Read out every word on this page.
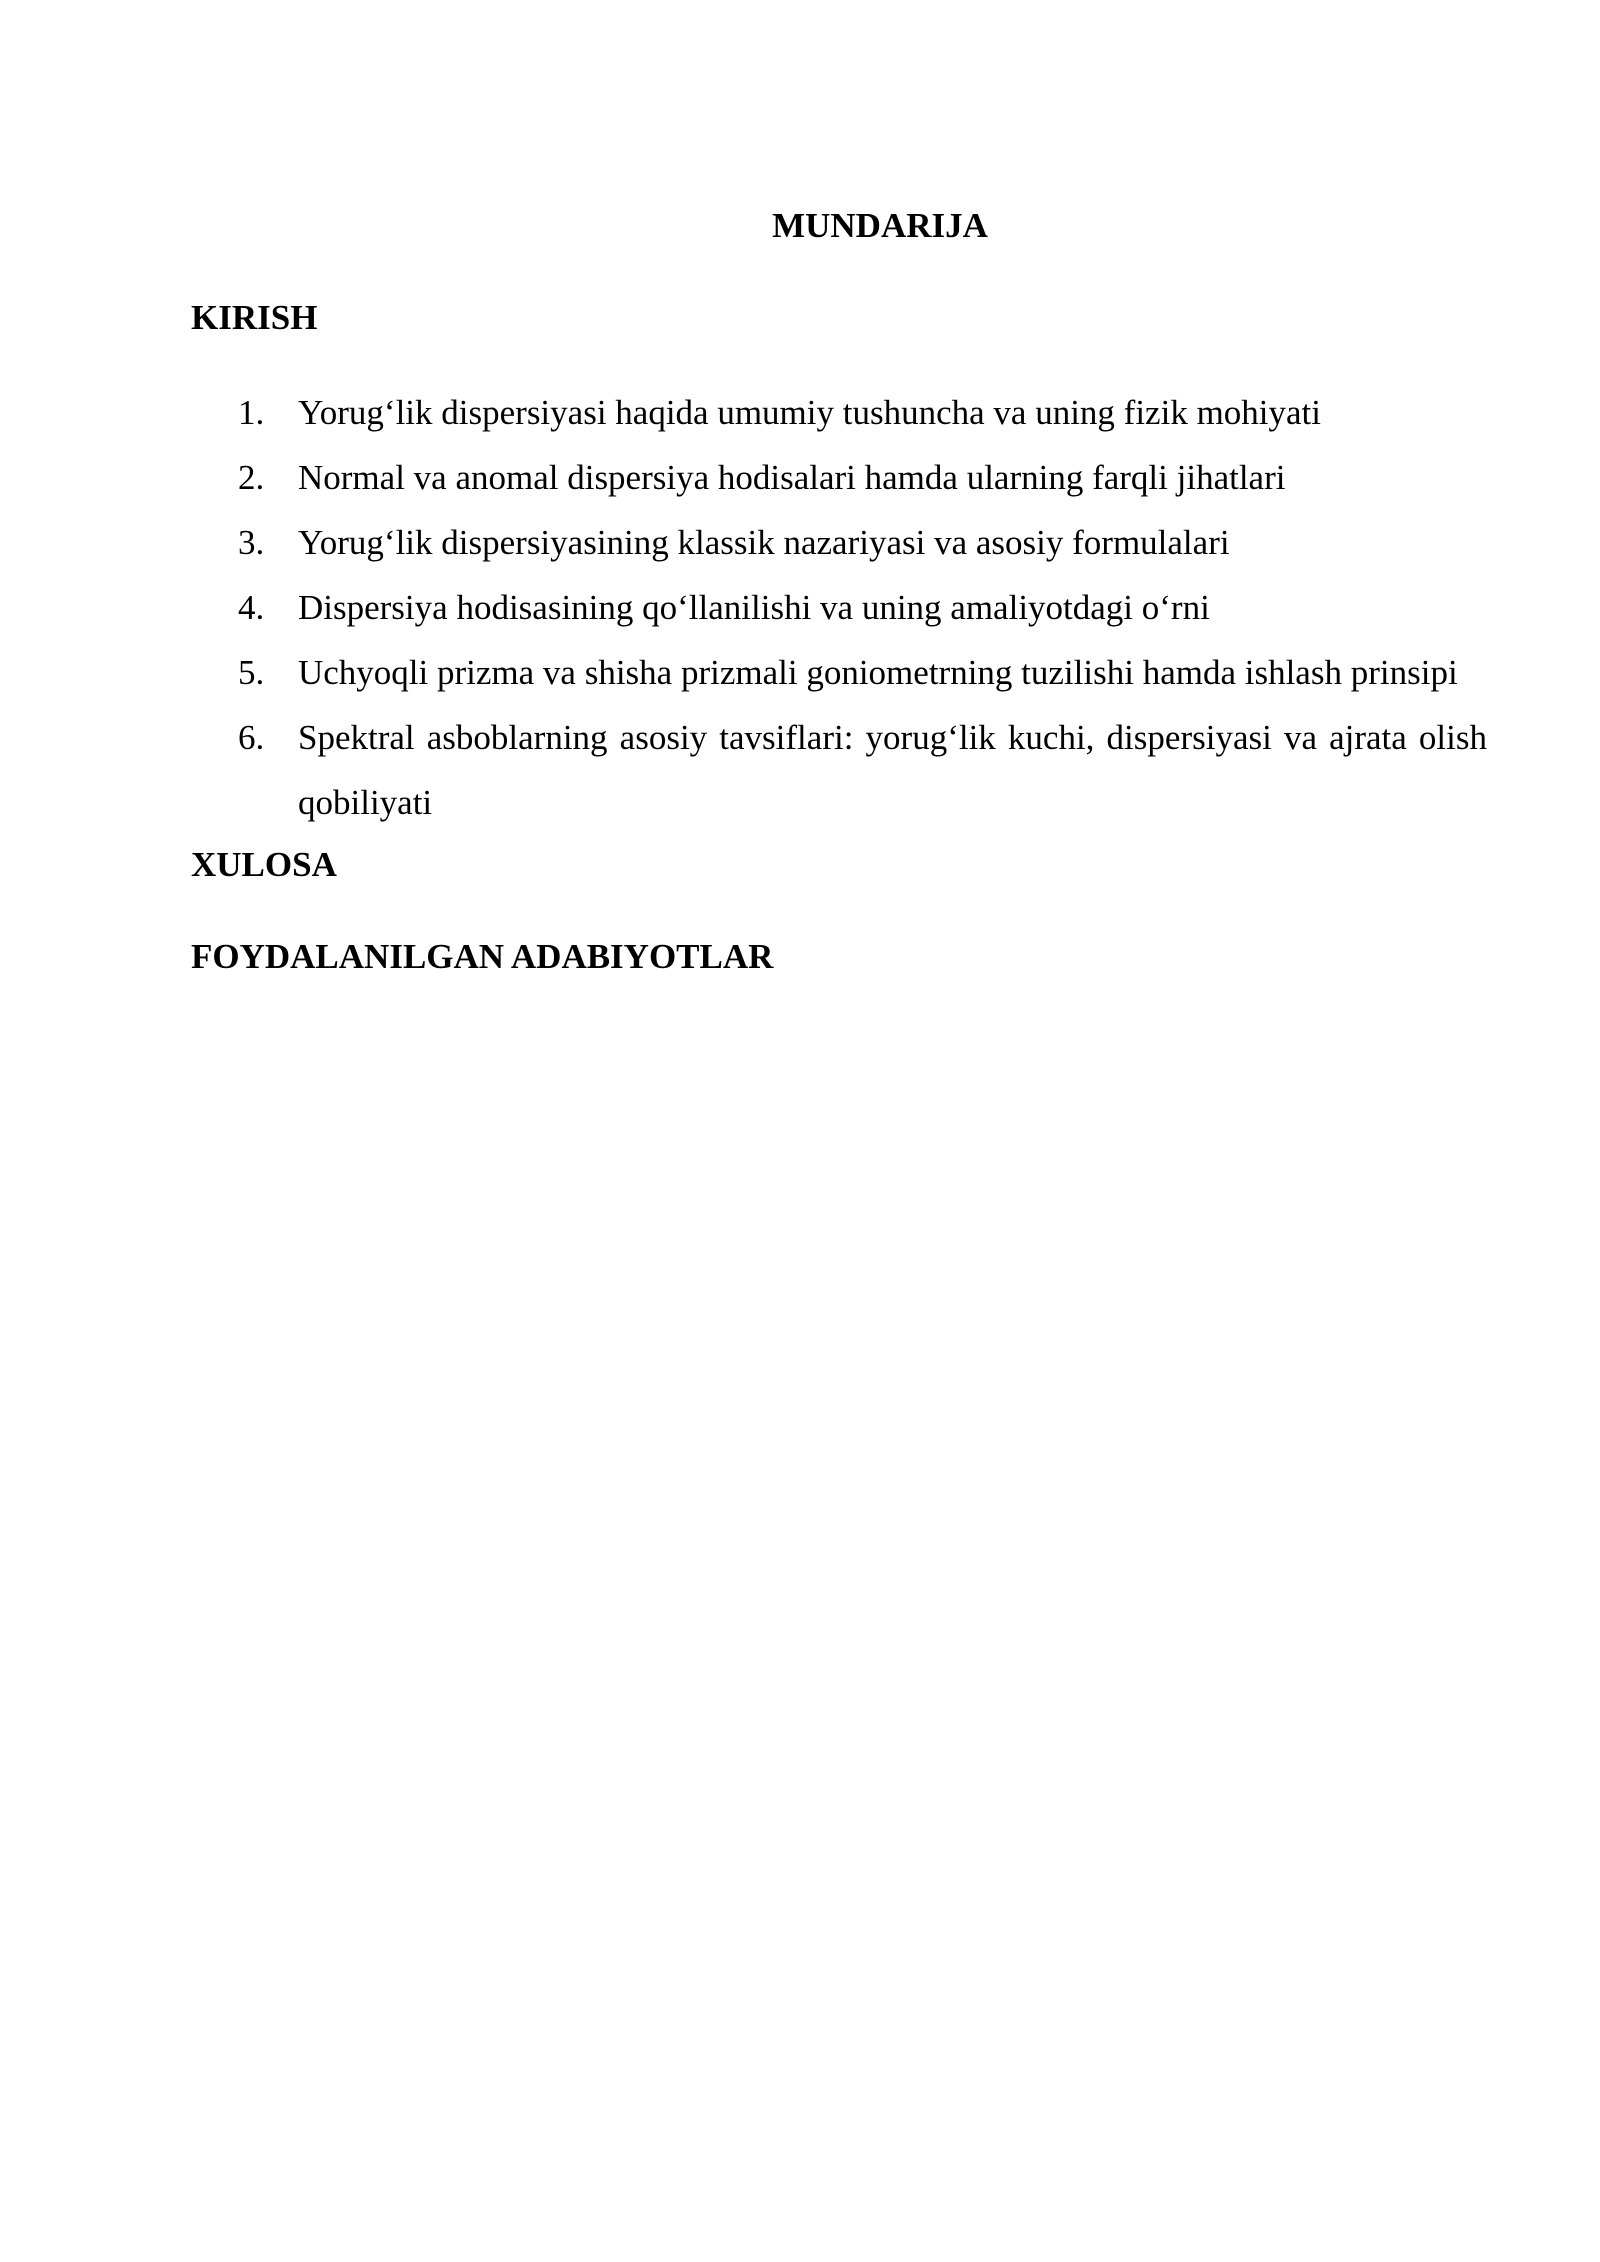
MUNDARIJA
KIRISH
1. Yorug‘lik dispersiyasi haqida umumiy tushuncha va uning fizik mohiyati
2. Normal va anomal dispersiya hodisalari hamda ularning farqli jihatlari
3. Yorug‘lik dispersiyasining klassik nazariyasi va asosiy formulalari
4. Dispersiya hodisasining qo‘llanilishi va uning amaliyotdagi o‘rni
5. Uchyoqli prizma va shisha prizmali goniometrning tuzilishi hamda ishlash prinsipi
6. Spektral asboblarning asosiy tavsiflari: yorug‘lik kuchi, dispersiyasi va ajrata olish qobiliyati
XULOSA
FOYDALANILGAN ADABIYOTLAR
